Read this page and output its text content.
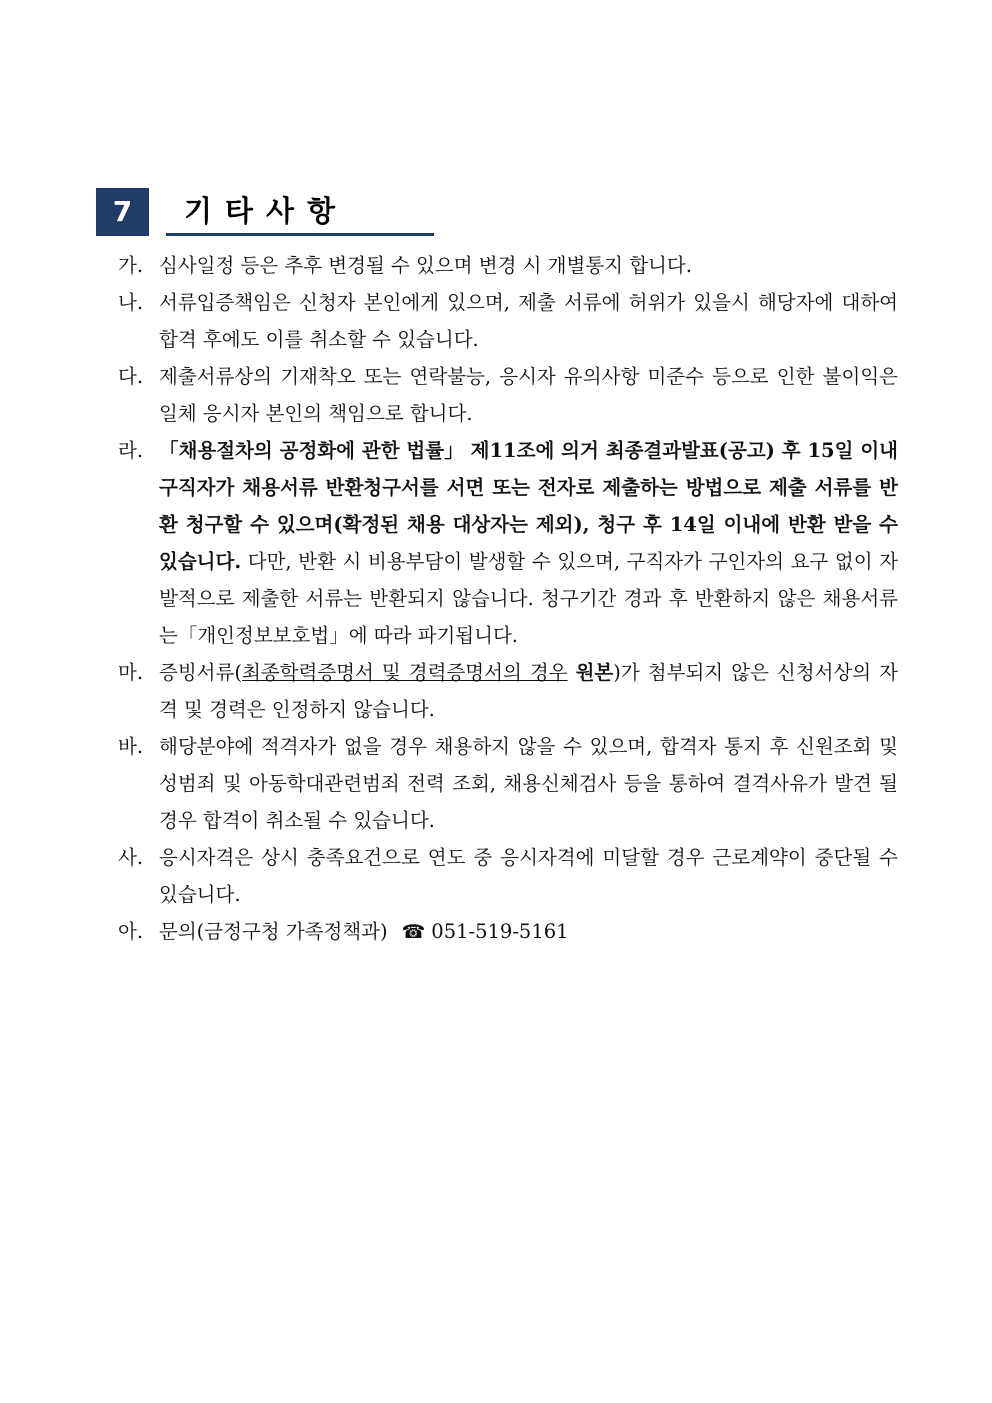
7	기타사항
가. 심사일정 등은 추후 변경될 수 있으며 변경 시 개별통지 합니다.
나. 서류입증책임은 신청자 본인에게 있으며, 제출 서류에 허위가 있을시 해당자에 대하여 합격 후에도 이를 취소할 수 있습니다.
다. 제출서류상의 기재착오 또는 연락불능, 응시자 유의사항 미준수 등으로 인한 불이익은 일체 응시자 본인의 책임으로 합니다.
라. 「채용절차의 공정화에 관한 법률」 제11조에 의거 최종결과발표(공고) 후 15일 이내 구직자가 채용서류 반환청구서를 서면 또는 전자로 제출하는 방법으로 제출 서류를 반환 청구할 수 있으며(확정된 채용 대상자는 제외), 청구 후 14일 이내에 반환 받을 수 있습니다. 다만, 반환 시 비용부담이 발생할 수 있으며, 구직자가 구인자의 요구 없이 자발적으로 제출한 서류는 반환되지 않습니다. 청구기간 경과 후 반환하지 않은 채용서류는「개인정보보호법」에 따라 파기됩니다.
마. 증빙서류(최종학력증명서 및 경력증명서의 경우 원본)가 첨부되지 않은 신청서상의 자격 및 경력은 인정하지 않습니다.
바. 해당분야에 적격자가 없을 경우 채용하지 않을 수 있으며, 합격자 통지 후 신원조회 및 성범죄 및 아동학대관련범죄 전력 조회, 채용신체검사 등을 통하여 결격사유가 발견 될 경우 합격이 취소될 수 있습니다.
사. 응시자격은 상시 충족요건으로 연도 중 응시자격에 미달할 경우 근로계약이 중단될 수 있습니다.
아. 문의(금정구청 가족정책과) ☎ 051-519-5161
